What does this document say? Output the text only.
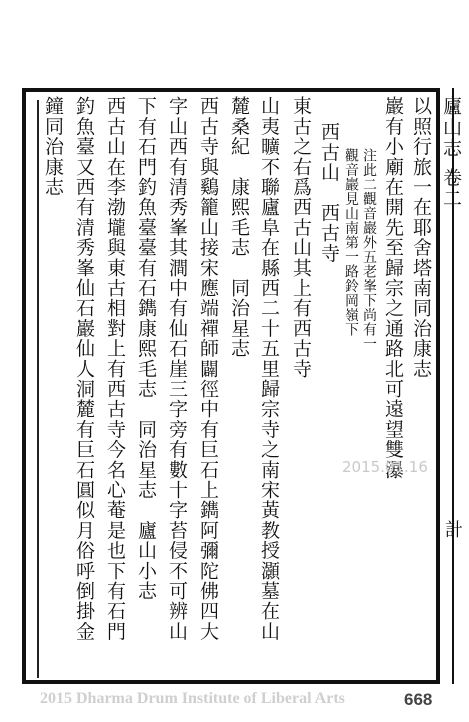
廬山志 卷二
計
以照行旅一在耶舍塔南同治康志
巖有小廟在開先至歸宗之通路北可遠望雙瀑
注此二觀音巖外五老峯下尚有一
觀音巖見山南第一路鈴岡嶺下
西古山　西古寺
東古之右爲西古山其上有西古寺
山夷曠不聯廬阜在縣西二十五里歸宗寺之南宋黃教授灝墓在山
麓桑紀　康熙毛志　同治星志
西古寺與鷄籠山接宋應端禪師闢徑中有巨石上鐫阿彌陀佛四大
字山西有清秀峯其澗中有仙石崖三字旁有數十字苔侵不可辨山
下有石門釣魚臺臺有石鐫康熙毛志　同治星志　廬山小志
西古山在李渤壠與東古相對上有西古寺今名心菴是也下有石門
釣魚臺又西有清秀峯仙石巖仙人洞麓有巨石圓似月俗呼倒掛金
鐘同治康志
2015.01.16
2015 Dharma Drum Institute of Liberal Arts	668
